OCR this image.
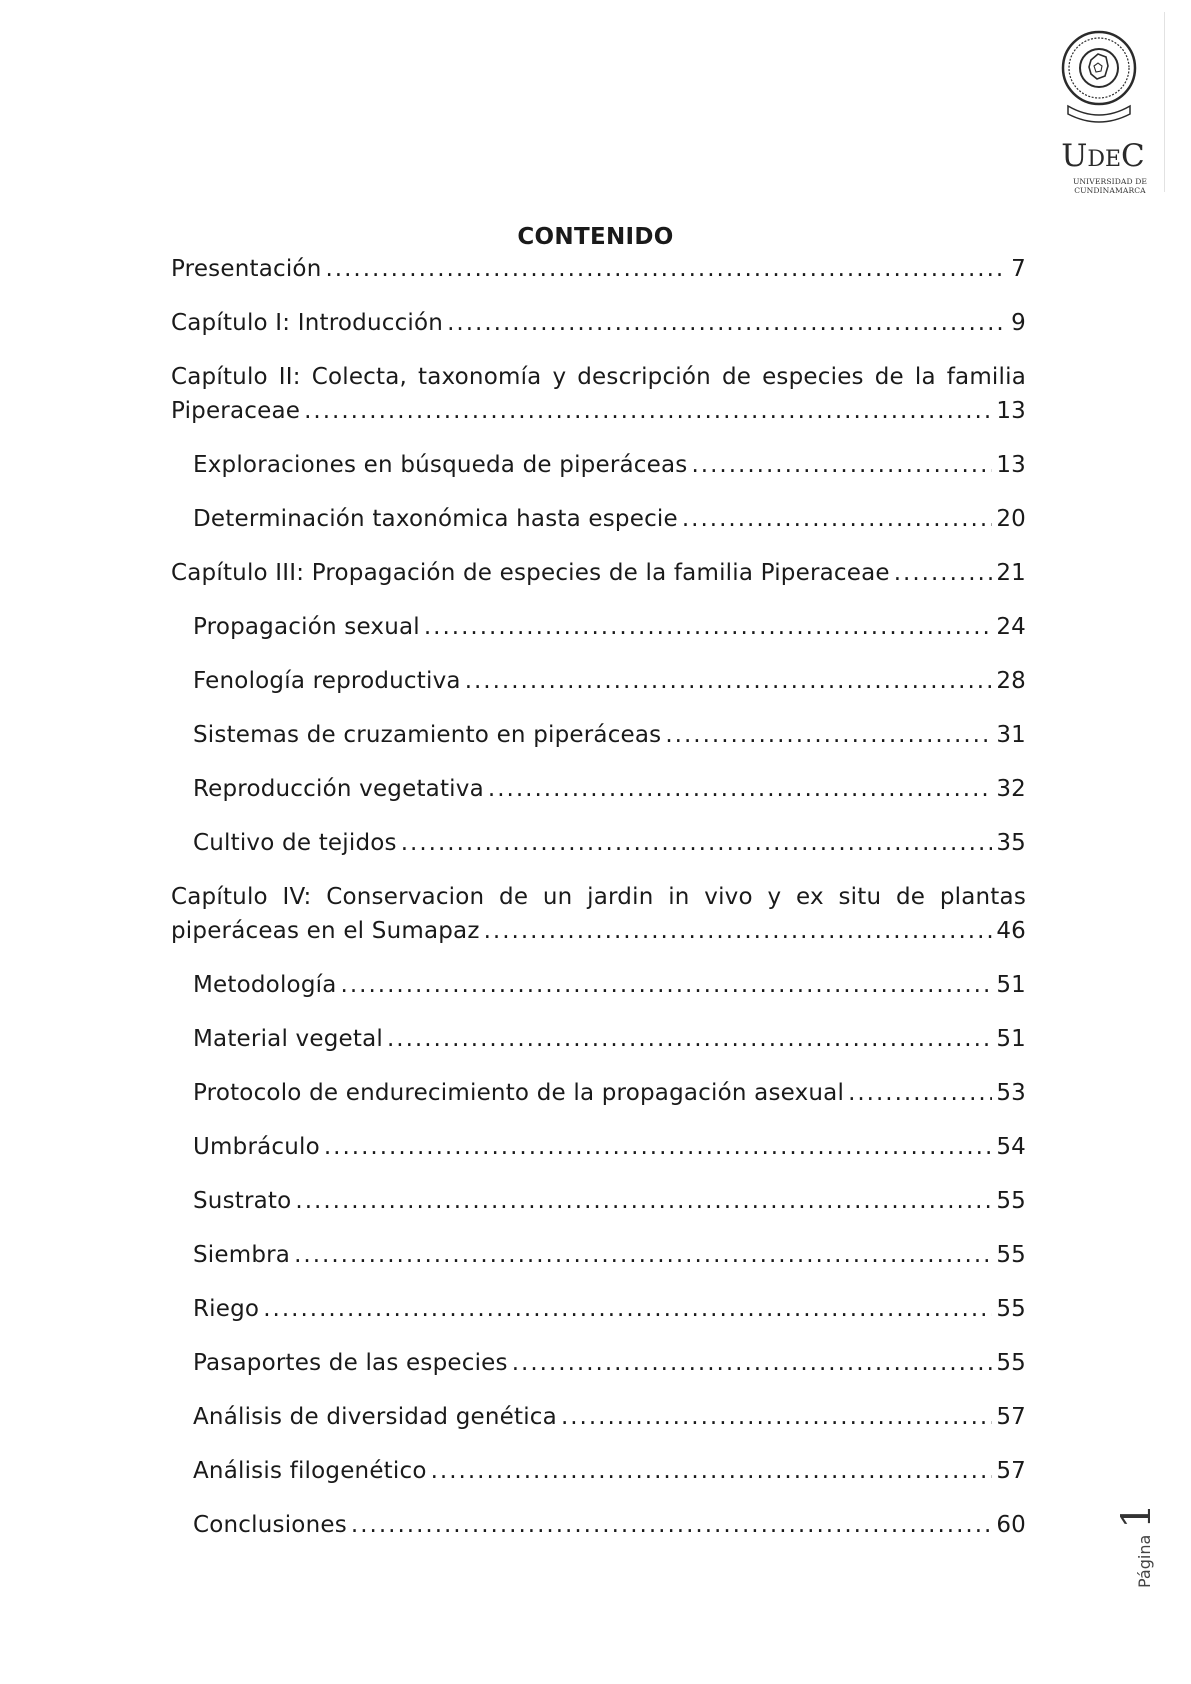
UDEC
UNIVERSIDAD DE CUNDINAMARCA
CONTENIDO
Presentación .....	7
Capítulo I: Introducción .....	9
Capítulo II: Colecta, taxonomía y descripción de especies de la familia
Piperaceae .....	13
Exploraciones en búsqueda de piperáceas .....	13
Determinación taxonómica hasta especie .....	20
Capítulo III: Propagación de especies de la familia Piperaceae .....	21
Propagación sexual .....	24
Fenología reproductiva .....	28
Sistemas de cruzamiento en piperáceas .....	31
Reproducción vegetativa .....	32
Cultivo de tejidos .....	35
Capítulo IV: Conservacion de un jardin in vivo y ex situ de plantas
piperáceas en el Sumapaz .....	46
Metodología .....	51
Material vegetal .....	51
Protocolo de endurecimiento de la propagación asexual .....	53
Umbráculo .....	54
Sustrato .....	55
Siembra .....	55
Riego .....	55
Pasaportes de las especies .....	55
Análisis de diversidad genética .....	57
Análisis filogenético .....	57
Conclusiones .....	60
Página
1
